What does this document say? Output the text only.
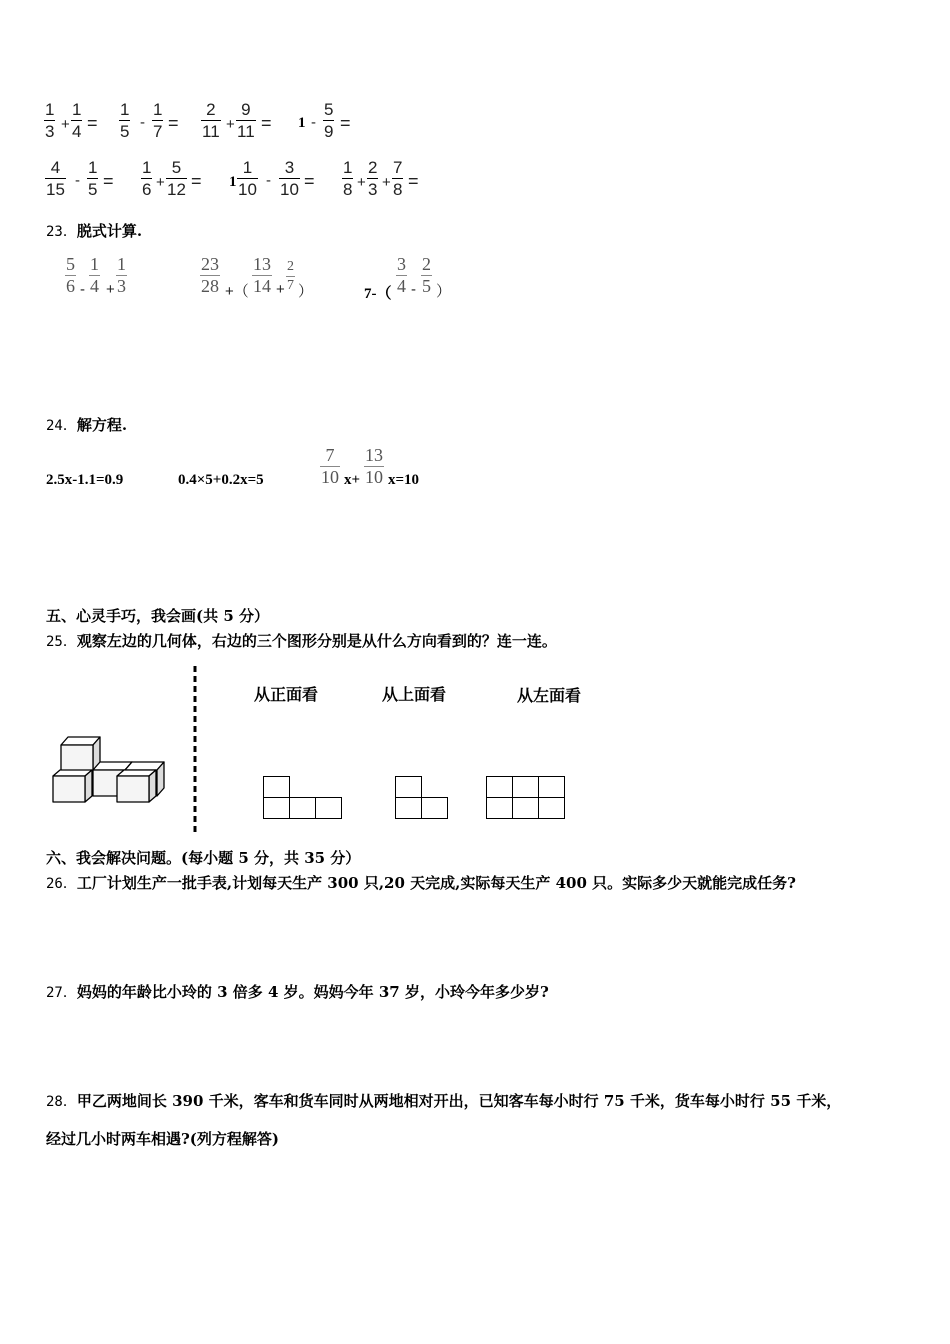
1
3 +
1
4 =
1
5 -
1
7 =
2
11 +
9
11 = 1 -
5
9 =
4
15 -
1
5 =
1
6 +
5
12 = 1
1
10 -
3
10 =
1
8 +
2
3 +
7
8 =
23．脱式计算.
5
6 -
1
4 +
1
3
23
28 +（
13
14 +
2
7 ）	7-（
3
4 -
2
5 ）
24．解方程.
2.5x-1.1=0.9	0.4×5+0.2x=5
7
10 x+
13
10 x=10
五、心灵手巧，我会画(共 5 分）
25．观察左边的几何体，右边的三个图形分别是从什么方向看到的？连一连。
从正面看	从上面看	从左面看
六、我会解决问题。(每小题 5 分，共 35 分）
26．工厂计划生产一批手表,计划每天生产 300 只,20 天完成,实际每天生产 400 只。实际多少天就能完成任务?
27．妈妈的年龄比小玲的 3 倍多 4 岁。妈妈今年 37 岁，小玲今年多少岁?
28．甲乙两地间长 390 千米，客车和货车同时从两地相对开出，已知客车每小时行 75 千米，货车每小时行 55 千米，
经过几小时两车相遇?(列方程解答)
